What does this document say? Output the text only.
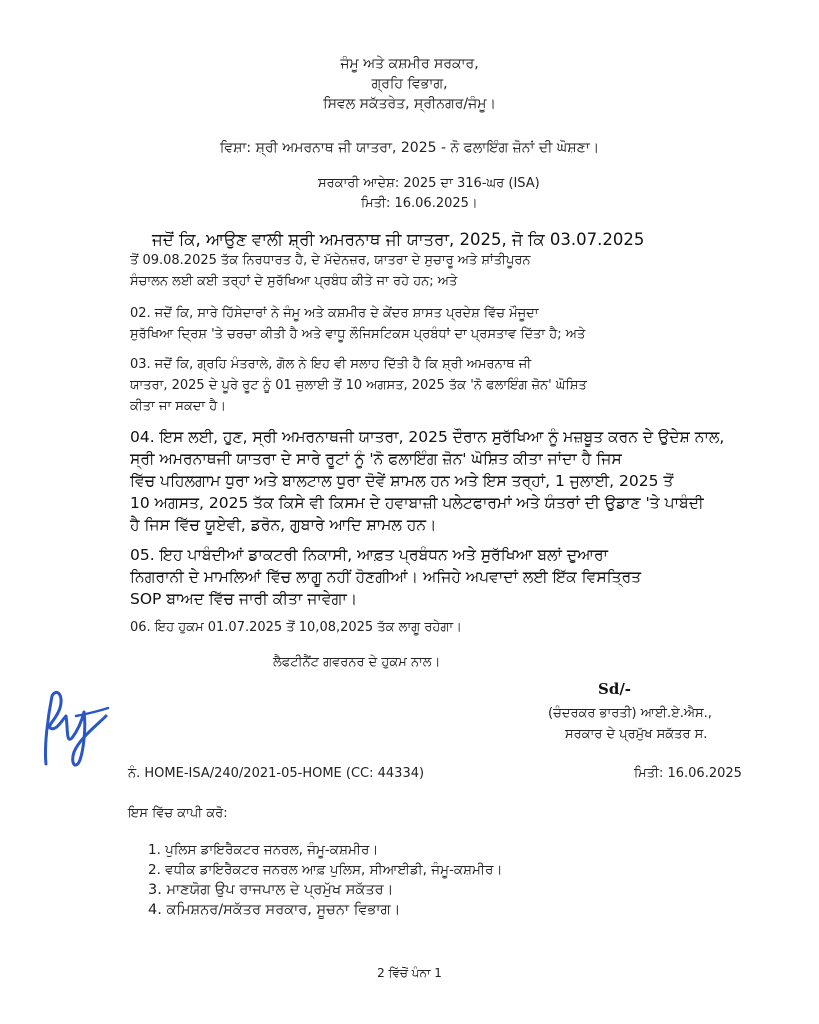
ਜੰਮੂ ਅਤੇ ਕਸ਼ਮੀਰ ਸਰਕਾਰ,
ਗ੍ਰਹਿ ਵਿਭਾਗ,
ਸਿਵਲ ਸਕੱਤਰੇਤ, ਸ੍ਰੀਨਗਰ/ਜੰਮੂ।
ਵਿਸ਼ਾ: ਸ਼੍ਰੀ ਅਮਰਨਾਥ ਜੀ ਯਾਤਰਾ, 2025 - ਨੋ ਫਲਾਇੰਗ ਜ਼ੋਨਾਂ ਦੀ ਘੋਸ਼ਣਾ।
ਸਰਕਾਰੀ ਆਦੇਸ਼: 2025 ਦਾ 316-ਘਰ (ISA)
ਮਿਤੀ: 16.06.2025।
ਜਦੋਂ ਕਿ, ਆਉਣ ਵਾਲੀ ਸ਼੍ਰੀ ਅਮਰਨਾਥ ਜੀ ਯਾਤਰਾ, 2025, ਜੋ ਕਿ 03.07.2025
ਤੋਂ 09.08.2025 ਤੱਕ ਨਿਰਧਾਰਤ ਹੈ, ਦੇ ਮੱਦੇਨਜ਼ਰ, ਯਾਤਰਾ ਦੇ ਸੁਚਾਰੂ ਅਤੇ ਸ਼ਾਂਤੀਪੂਰਨ
ਸੰਚਾਲਨ ਲਈ ਕਈ ਤਰ੍ਹਾਂ ਦੇ ਸੁਰੱਖਿਆ ਪ੍ਰਬੰਧ ਕੀਤੇ ਜਾ ਰਹੇ ਹਨ; ਅਤੇ
02. ਜਦੋਂ ਕਿ, ਸਾਰੇ ਹਿੱਸੇਦਾਰਾਂ ਨੇ ਜੰਮੂ ਅਤੇ ਕਸ਼ਮੀਰ ਦੇ ਕੇਂਦਰ ਸ਼ਾਸਤ ਪ੍ਰਦੇਸ਼ ਵਿੱਚ ਮੌਜੂਦਾ
ਸੁਰੱਖਿਆ ਦ੍ਰਿਸ਼ 'ਤੇ ਚਰਚਾ ਕੀਤੀ ਹੈ ਅਤੇ ਵਾਧੂ ਲੌਜਿਸਟਿਕਸ ਪ੍ਰਬੰਧਾਂ ਦਾ ਪ੍ਰਸਤਾਵ ਦਿੱਤਾ ਹੈ; ਅਤੇ
03. ਜਦੋਂ ਕਿ, ਗ੍ਰਹਿ ਮੰਤਰਾਲੇ, ਗੋਲ ਨੇ ਇਹ ਵੀ ਸਲਾਹ ਦਿੱਤੀ ਹੈ ਕਿ ਸ਼੍ਰੀ ਅਮਰਨਾਥ ਜੀ
ਯਾਤਰਾ, 2025 ਦੇ ਪੂਰੇ ਰੂਟ ਨੂੰ 01 ਜੁਲਾਈ ਤੋਂ 10 ਅਗਸਤ, 2025 ਤੱਕ 'ਨੋ ਫਲਾਇੰਗ ਜ਼ੋਨ' ਘੋਸ਼ਿਤ
ਕੀਤਾ ਜਾ ਸਕਦਾ ਹੈ।
04. ਇਸ ਲਈ, ਹੁਣ, ਸ੍ਰੀ ਅਮਰਨਾਥਜੀ ਯਾਤਰਾ, 2025 ਦੌਰਾਨ ਸੁਰੱਖਿਆ ਨੂੰ ਮਜ਼ਬੂਤ ਕਰਨ ਦੇ ਉਦੇਸ਼ ਨਾਲ,
ਸ੍ਰੀ ਅਮਰਨਾਥਜੀ ਯਾਤਰਾ ਦੇ ਸਾਰੇ ਰੂਟਾਂ ਨੂੰ 'ਨੋ ਫਲਾਇੰਗ ਜ਼ੋਨ' ਘੋਸ਼ਿਤ ਕੀਤਾ ਜਾਂਦਾ ਹੈ ਜਿਸ
ਵਿੱਚ ਪਹਿਲਗਾਮ ਧੁਰਾ ਅਤੇ ਬਾਲਟਾਲ ਧੁਰਾ ਦੋਵੇਂ ਸ਼ਾਮਲ ਹਨ ਅਤੇ ਇਸ ਤਰ੍ਹਾਂ, 1 ਜੁਲਾਈ, 2025 ਤੋਂ
10 ਅਗਸਤ, 2025 ਤੱਕ ਕਿਸੇ ਵੀ ਕਿਸਮ ਦੇ ਹਵਾਬਾਜ਼ੀ ਪਲੇਟਫਾਰਮਾਂ ਅਤੇ ਯੰਤਰਾਂ ਦੀ ਉਡਾਣ 'ਤੇ ਪਾਬੰਦੀ
ਹੈ ਜਿਸ ਵਿੱਚ ਯੂਏਵੀ, ਡਰੋਨ, ਗੁਬਾਰੇ ਆਦਿ ਸ਼ਾਮਲ ਹਨ।
05. ਇਹ ਪਾਬੰਦੀਆਂ ਡਾਕਟਰੀ ਨਿਕਾਸੀ, ਆਫ਼ਤ ਪ੍ਰਬੰਧਨ ਅਤੇ ਸੁਰੱਖਿਆ ਬਲਾਂ ਦੁਆਰਾ
ਨਿਗਰਾਨੀ ਦੇ ਮਾਮਲਿਆਂ ਵਿੱਚ ਲਾਗੂ ਨਹੀਂ ਹੋਣਗੀਆਂ। ਅਜਿਹੇ ਅਪਵਾਦਾਂ ਲਈ ਇੱਕ ਵਿਸਤ੍ਰਿਤ
SOP ਬਾਅਦ ਵਿੱਚ ਜਾਰੀ ਕੀਤਾ ਜਾਵੇਗਾ।
06. ਇਹ ਹੁਕਮ 01.07.2025 ਤੋਂ 10,08,2025 ਤੱਕ ਲਾਗੂ ਰਹੇਗਾ।
ਲੈਫਟੀਨੈਂਟ ਗਵਰਨਰ ਦੇ ਹੁਕਮ ਨਾਲ।
Sd/-
(ਚੰਦਰਕਰ ਭਾਰਤੀ) ਆਈ.ਏ.ਐਸ.,
ਸਰਕਾਰ ਦੇ ਪ੍ਰਮੁੱਖ ਸਕੱਤਰ ਸ.
ਨੰ. HOME-ISA/240/2021-05-HOME (CC: 44334)	ਮਿਤੀ: 16.06.2025
ਇਸ ਵਿੱਚ ਕਾਪੀ ਕਰੋ:
1. ਪੁਲਿਸ ਡਾਇਰੈਕਟਰ ਜਨਰਲ, ਜੰਮੂ-ਕਸ਼ਮੀਰ।
2. ਵਧੀਕ ਡਾਇਰੈਕਟਰ ਜਨਰਲ ਆਫ਼ ਪੁਲਿਸ, ਸੀਆਈਡੀ, ਜੰਮੂ-ਕਸ਼ਮੀਰ।
3. ਮਾਣਯੋਗ ਉਪ ਰਾਜਪਾਲ ਦੇ ਪ੍ਰਮੁੱਖ ਸਕੱਤਰ।
4. ਕਮਿਸ਼ਨਰ/ਸਕੱਤਰ ਸਰਕਾਰ, ਸੂਚਨਾ ਵਿਭਾਗ।
2 ਵਿੱਚੋਂ ਪੰਨਾ 1
